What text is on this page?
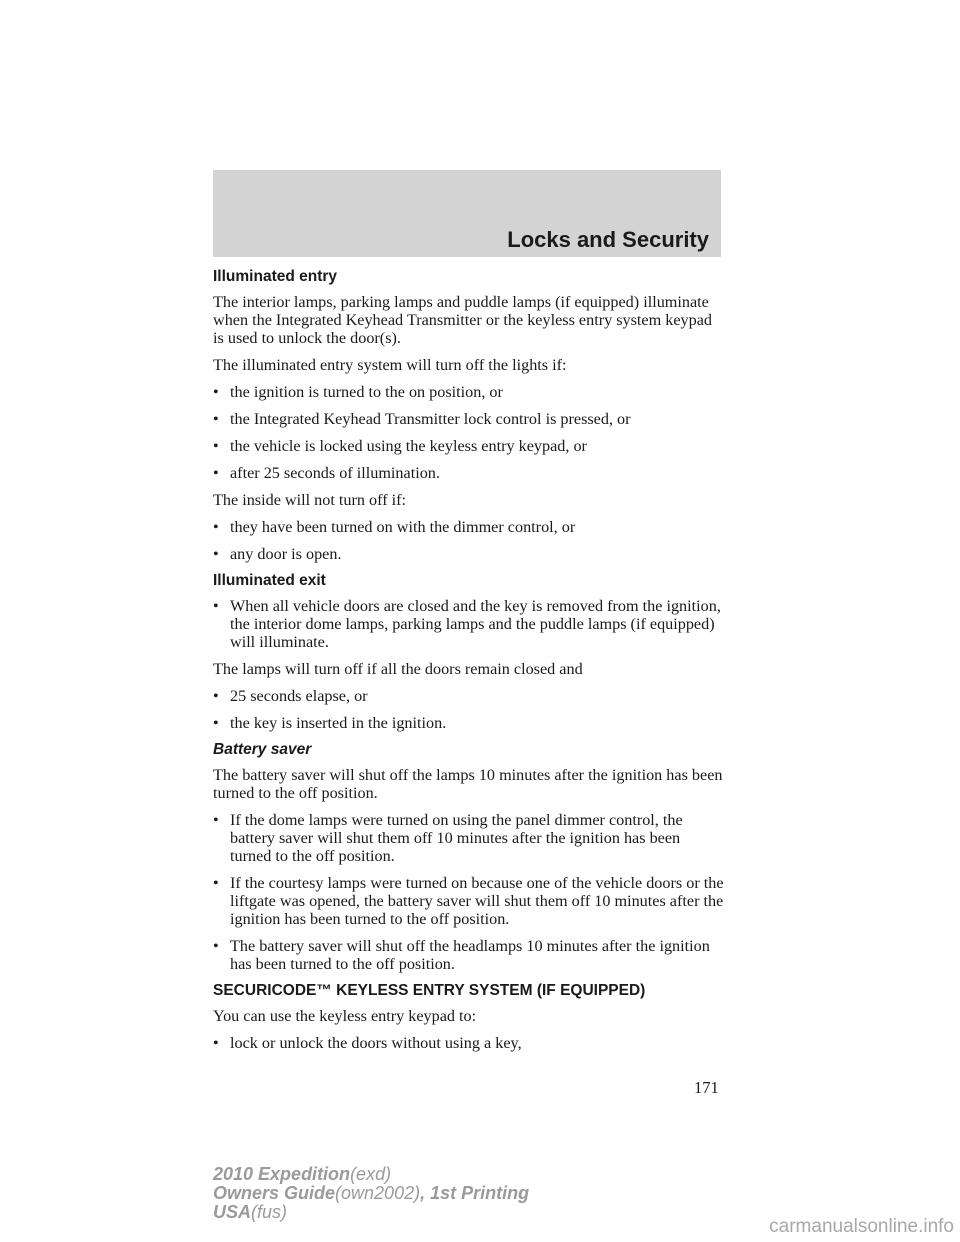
Locks and Security
Illuminated entry

The interior lamps, parking lamps and puddle lamps (if equipped) illuminate when the Integrated Keyhead Transmitter or the keyless entry system keypad is used to unlock the door(s).

The illuminated entry system will turn off the lights if:

• the ignition is turned to the on position, or
• the Integrated Keyhead Transmitter lock control is pressed, or
• the vehicle is locked using the keyless entry keypad, or
• after 25 seconds of illumination.

The inside will not turn off if:

• they have been turned on with the dimmer control, or
• any door is open.
Illuminated exit
• When all vehicle doors are closed and the key is removed from the ignition, the interior dome lamps, parking lamps and the puddle lamps (if equipped) will illuminate.

The lamps will turn off if all the doors remain closed and

• 25 seconds elapse, or
• the key is inserted in the ignition.
Battery saver

The battery saver will shut off the lamps 10 minutes after the ignition has been turned to the off position.

• If the dome lamps were turned on using the panel dimmer control, the battery saver will shut them off 10 minutes after the ignition has been turned to the off position.
• If the courtesy lamps were turned on because one of the vehicle doors or the liftgate was opened, the battery saver will shut them off 10 minutes after the ignition has been turned to the off position.
• The battery saver will shut off the headlamps 10 minutes after the ignition has been turned to the off position.
SECURICODE™ KEYLESS ENTRY SYSTEM (IF EQUIPPED)

You can use the keyless entry keypad to:

• lock or unlock the doors without using a key,
171
2010 Expedition(exd)
Owners Guide(own2002), 1st Printing
USA(fus)
carmanualsonline.info
